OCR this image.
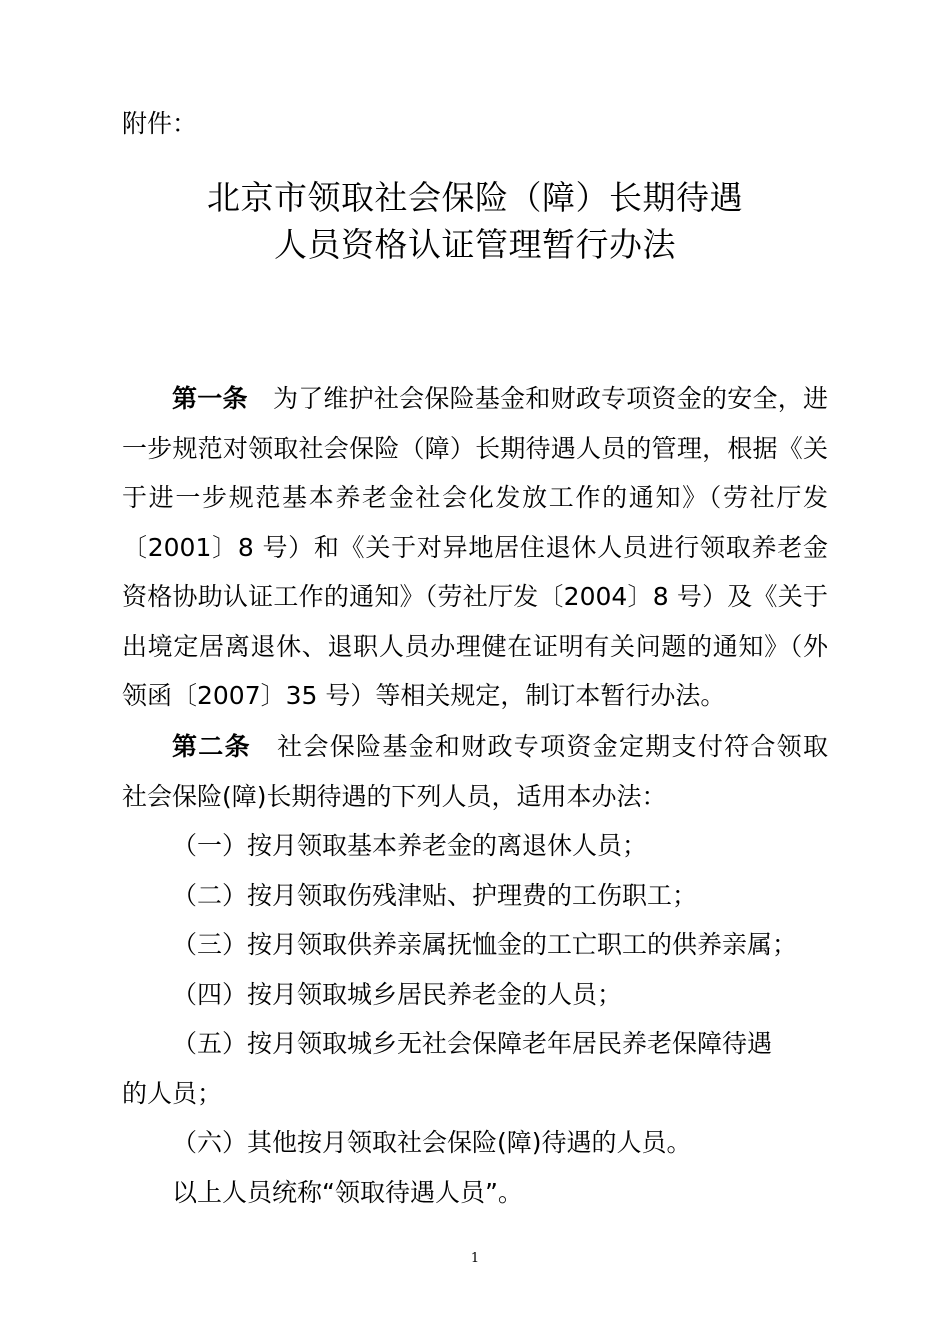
附件：
北京市领取社会保险（障）长期待遇
人员资格认证管理暂行办法
第一条　为了维护社会保险基金和财政专项资金的安全，进
一步规范对领取社会保险（障）长期待遇人员的管理，根据《关
于进一步规范基本养老金社会化发放工作的通知》（劳社厅发
〔2001〕8 号）和《关于对异地居住退休人员进行领取养老金
资格协助认证工作的通知》（劳社厅发〔2004〕8 号）及《关于
出境定居离退休、退职人员办理健在证明有关问题的通知》（外
领函〔2007〕35 号）等相关规定，制订本暂行办法。
第二条　社会保险基金和财政专项资金定期支付符合领取
社会保险(障)长期待遇的下列人员，适用本办法：
（一）按月领取基本养老金的离退休人员；
（二）按月领取伤残津贴、护理费的工伤职工；
（三）按月领取供养亲属抚恤金的工亡职工的供养亲属；
（四）按月领取城乡居民养老金的人员；
（五）按月领取城乡无社会保障老年居民养老保障待遇
的人员；
（六）其他按月领取社会保险(障)待遇的人员。
以上人员统称“领取待遇人员”。
1
